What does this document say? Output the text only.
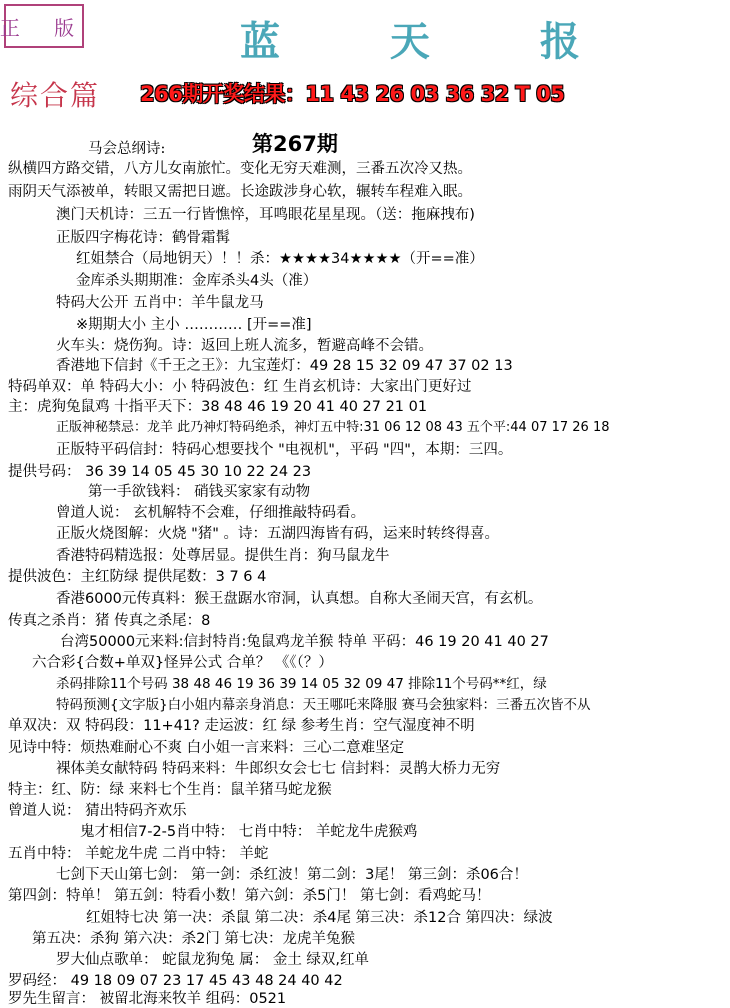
正 版	蓝 天 报
综合篇 266期开奖结果：11 43 26 03 36 32 T 05
第267期
马会总纲诗:
纵横四方路交错，八方儿女南旅忙。变化无穷天难测，三番五次冷又热。
雨阴天气添被单，转眼又需把日遮。长途跋涉身心软，辗转车程难入眠。
澳门天机诗：三五一行皆憔悴，耳鸣眼花星星现。（送：拖麻拽布)
正版四字梅花诗：鹤骨霜髯
红姐禁合（局地钥天）！！杀：★★★★34★★★★（开==准）
金库杀头期期准：金库杀头4头（准）
特码大公开 五肖中：羊牛鼠龙马
※期期大小 主小 ………… [开==准]
火车头：烧伤狗。诗：返回上班人流多，暂避高峰不会错。
香港地下信封《千王之王》：九宝莲灯：49 28 15 32 09 47 37 02 13
特码单双：单 特码大小：小 特码波色：红 生肖玄机诗：大家出门更好过
主：虎狗兔鼠鸡 十指平天下：38 48 46 19 20 41 40 27 21 01
正版神秘禁忌：龙羊 此乃神灯特码绝杀，神灯五中特:31 06 12 08 43 五个平:44 07 17 26 18
正版特平码信封：特码心想要找个 "电视机"，平码 "四"，本期：三四。
提供号码： 36 39 14 05 45 30 10 22 24 23
第一手欲钱料： 硝钱买家家有动物
曾道人说： 玄机解特不会难，仔细推敲特码看。
正版火烧图解：火烧 "猪" 。诗：五湖四海皆有码，运来时转终得喜。
香港特码精选报：处尊居显。提供生肖：狗马鼠龙牛
提供波色：主红防绿 提供尾数：3 7 6 4
香港6000元传真料：猴王盘踞水帘洞，认真想。自称大圣闹天宫，有玄机。
传真之杀肖：猪 传真之杀尾：8
台湾50000元来料:信封特肖:兔鼠鸡龙羊猴 特单 平码：46 19 20 41 40 27
六合彩{合数+单双}怪异公式 合单？ 《《（？）
杀码排除11个号码 38 48 46 19 36 39 14 05 32 09 47 排除11个号码**红，绿
特码预测{文字版}白小姐内幕亲身消息：天王哪吒来降服 赛马会独家料：三番五次皆不从
单双决：双 特码段：11+41? 走运波：红 绿 参考生肖：空气湿度神不明
见诗中特：烦热难耐心不爽 白小姐一言来料：三心二意难坚定
裸体美女献特码 特码来料：牛郎织女会七七 信封料：灵鹊大桥力无穷
特主：红、防：绿 来料七个生肖：鼠羊猪马蛇龙猴
曾道人说： 猜出特码齐欢乐
鬼才相信7-2-5肖中特： 七肖中特： 羊蛇龙牛虎猴鸡
五肖中特： 羊蛇龙牛虎 二肖中特： 羊蛇
七剑下天山第七剑： 第一剑：杀红波！第二剑：3尾！ 第三剑：杀06合！
第四剑：特单！ 第五剑：特看小数！第六剑：杀5门！ 第七剑：看鸡蛇马！
红姐特七决 第一决：杀鼠 第二决：杀4尾 第三决：杀12合 第四决：绿波
第五决：杀狗 第六决：杀2门 第七决：龙虎羊兔猴
罗大仙点歌单： 蛇鼠龙狗兔 属： 金土 绿双,红单
罗码经： 49 18 09 07 23 17 45 43 48 24 40 42
罗先生留言： 被留北海来牧羊 组码：0521
